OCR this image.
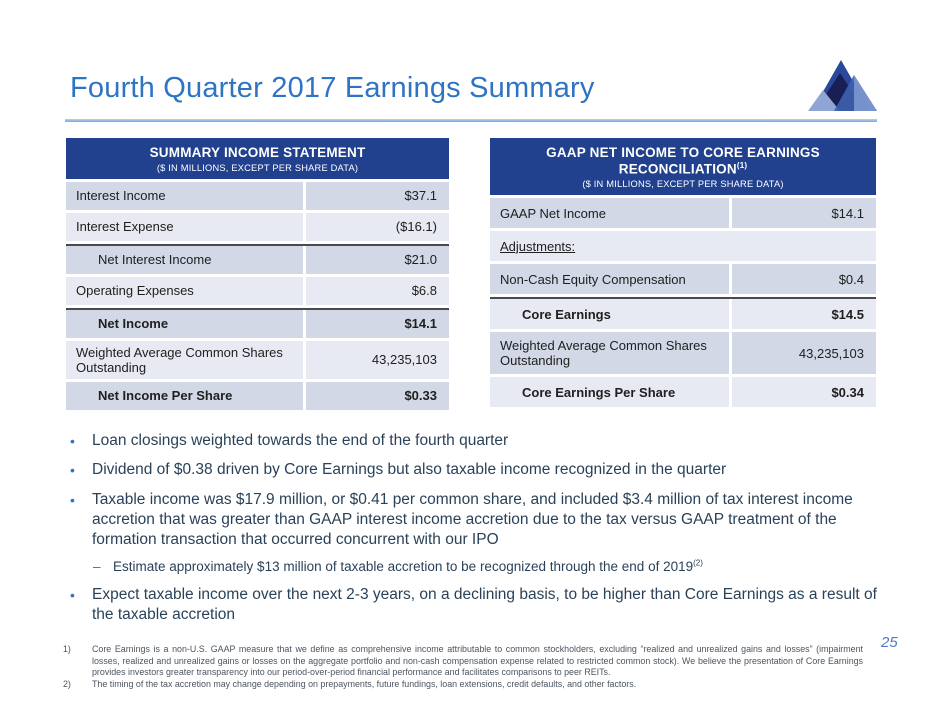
Fourth Quarter 2017 Earnings Summary
SUMMARY INCOME STATEMENT
($ IN MILLIONS, EXCEPT PER SHARE DATA)
Interest Income	$37.1
Interest Expense	($16.1)
Net Interest Income	$21.0
Operating Expenses	$6.8
Net Income	$14.1
Weighted Average Common Shares Outstanding	43,235,103
Net Income Per Share	$0.33
GAAP NET INCOME TO CORE EARNINGS RECONCILIATION$^{(1)}$
($ IN MILLIONS, EXCEPT PER SHARE DATA)
GAAP Net Income	$14.1
Adjustments:
Non-Cash Equity Compensation	$0.4
Core Earnings	$14.5
Weighted Average Common Shares Outstanding	43,235,103
Core Earnings Per Share	$0.34
•	Loan closings weighted towards the end of the fourth quarter
•	Dividend of $0.38 driven by Core Earnings but also taxable income recognized in the quarter
•	Taxable income was $17.9 million, or $0.41 per common share, and included $3.4 million of tax interest income accretion that was greater than GAAP interest income accretion due to the tax versus GAAP treatment of the formation transaction that occurred concurrent with our IPO
– Estimate approximately $13 million of taxable accretion to be recognized through the end of 2019$^{(2)}$
•	Expect taxable income over the next 2-3 years, on a declining basis, to be higher than Core Earnings as a result of the taxable accretion
1)	Core Earnings is a non-U.S. GAAP measure that we define as comprehensive income attributable to common stockholders, excluding “realized and unrealized gains and losses” (impairment losses, realized and unrealized gains or losses on the aggregate portfolio and non-cash compensation expense related to restricted common stock). We believe the presentation of Core Earnings provides investors greater transparency into our period-over-period financial performance and facilitates comparisons to peer REITs.
2)	The timing of the tax accretion may change depending on prepayments, future fundings, loan extensions, credit defaults, and other factors.
25
